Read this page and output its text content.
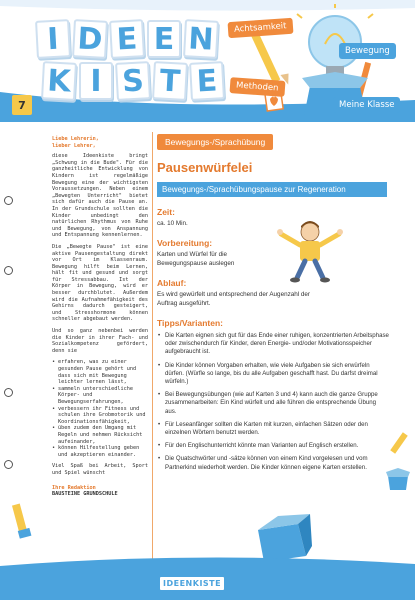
I D E E N
K I S T E
7
Achtsamkeit
Bewegung
Methoden
Meine Klasse

Liebe Lehrerin,
lieber Lehrer,

diese Ideenkiste bringt „Schwung in die Bude". Für die ganzheitliche Entwicklung von Kindern ist regelmäßige Bewegung eine der wichtigsten Voraussetzungen. Neben einem „Bewegten Unterricht" bietet sich dafür auch die Pause an. In der Grundschule sollten die Kinder unbedingt den natürlichen Rhythmus von Ruhe und Bewegung, von Anspannung und Entspannung kennenlernen.

Die „Bewegte Pause" ist eine aktive Pausengestaltung direkt vor Ort im Klassenraum. Bewegung hilft beim Lernen, hält fit und gesund und sorgt für Stressabbau. Ist der Körper in Bewegung, wird er besser durchblutet. Außerdem wird die Aufnahmefähigkeit des Gehirns dadurch gesteigert, und Stresshormone können schneller abgebaut werden.

Und so ganz nebenbei werden die Kinder in ihrer Fach- und Sozialkompetenz gefördert, denn sie

• erfahren, was zu einer gesunden Pause gehört und dass sich mit Bewegung leichter lernen lässt,
• sammeln unterschiedliche Körper- und Bewegungserfahrungen,
• verbessern ihr Fitness und schulen ihre Grobmotorik und Koordinationsfähigkeit,
• üben zudem den Umgang mit Regeln und nehmen Rücksicht aufeinander,
• können Hilfestellung geben und akzeptieren einander.

Viel Spaß bei Arbeit, Sport und Spiel wünscht

Ihre Redaktion
BAUSTEINE GRUNDSCHULE
Bewegungs-/Sprachübung
Pausenwürfelei
Bewegungs-/Sprachübungspause zur Regeneration
Zeit:
ca. 10 Min.
Vorbereitung:
Karten und Würfel für die Bewegungspause auslegen
Ablauf:
Es wird gewürfelt und entsprechend der Augenzahl der Auftrag ausgeführt.
Tipps/Varianten:
• Die Karten eignen sich gut für das Ende einer ruhigen, konzentrierten Arbeitsphase oder zwischendurch für Kinder, deren Energie- und/oder Motivationsspeicher aufgebraucht ist.
• Die Kinder können Vorgaben erhalten, wie viele Aufgaben sie sich erwürfeln dürfen. (Würfle so lange, bis du alle Aufgaben geschafft hast. Du darfst dreimal würfeln.)
• Bei Bewegungsübungen (wie auf Karten 3 und 4) kann auch die ganze Gruppe zusammenarbeiten: Ein Kind würfelt und alle führen die entsprechende Übung aus.
• Für Leseanfänger sollten die Karten mit kurzen, einfachen Sätzen oder den einzelnen Wörtern benutzt werden.
• Für den Englischunterricht könnte man Varianten auf Englisch erstellen.
• Die Quatschwörter und -sätze können von einem Kind vorgelesen und vom Partnerkind wiederholt werden. Die Kinder können eigene Karten erstellen.
IDEENKISTE
